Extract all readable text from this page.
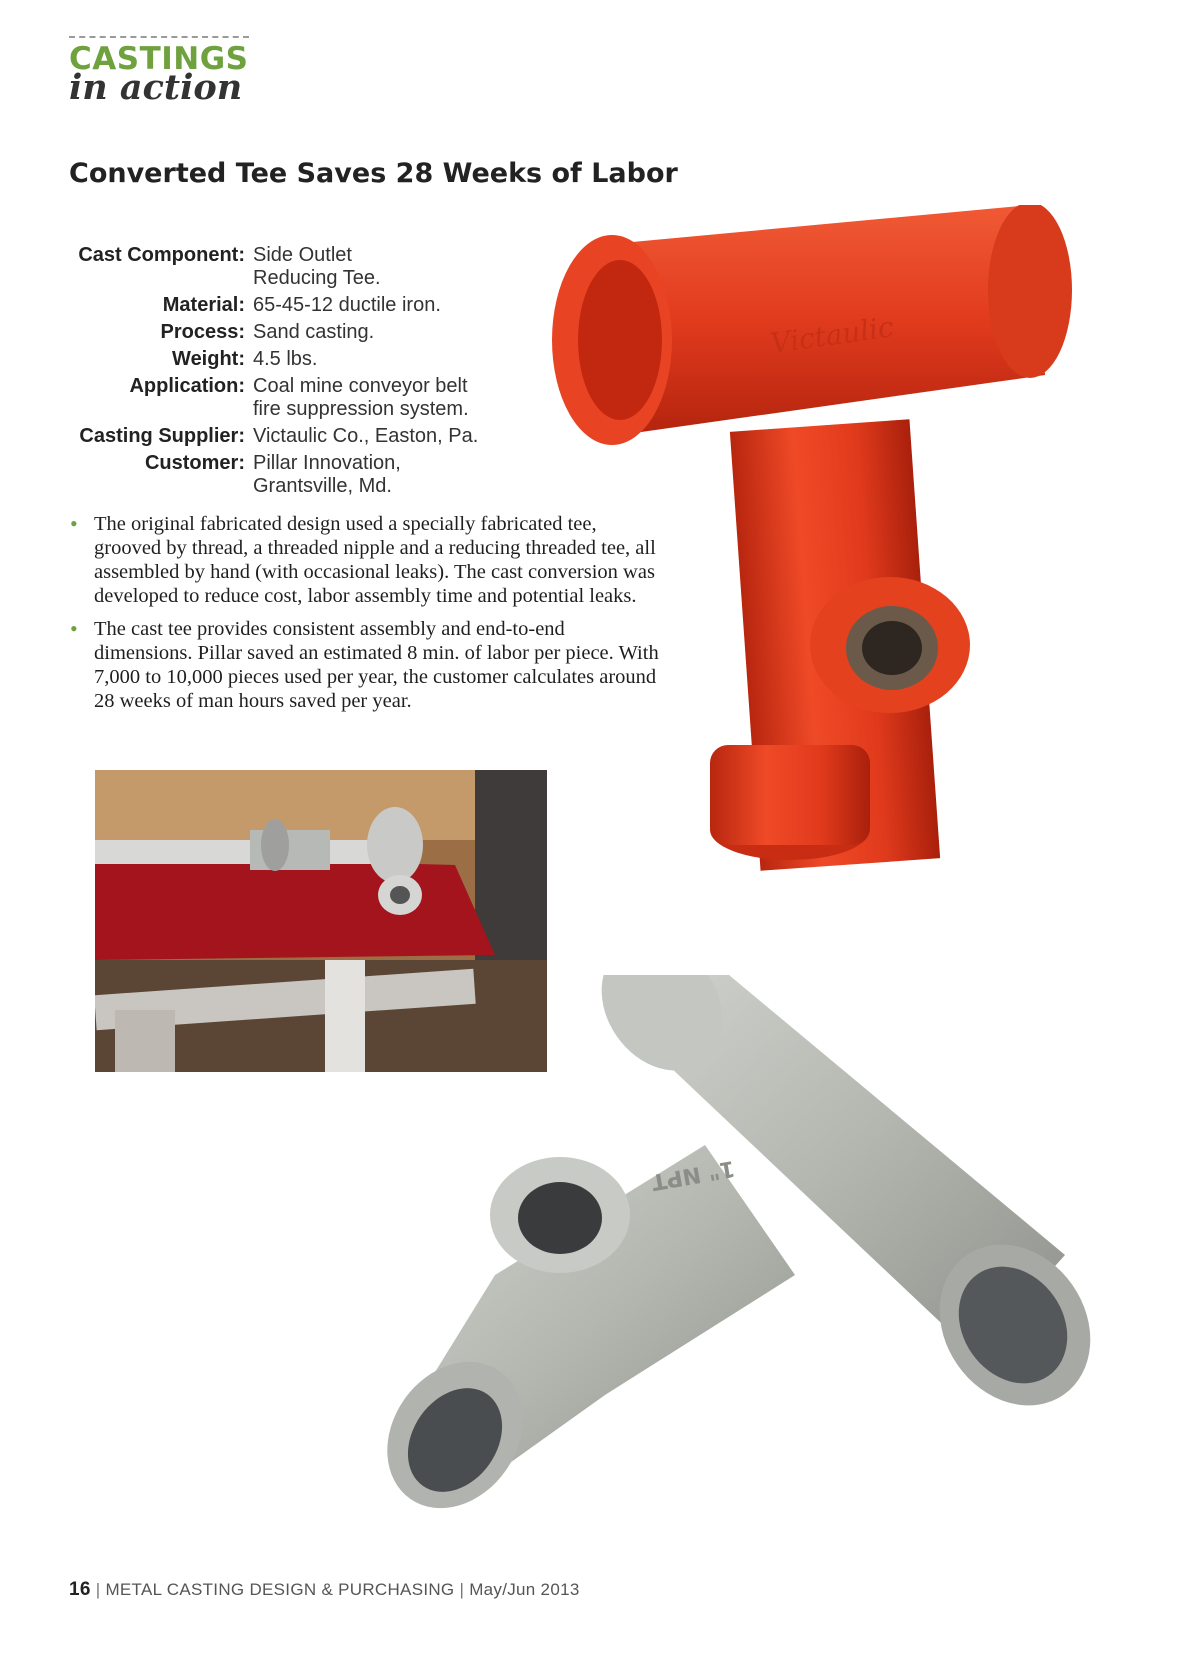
CASTINGS
in action
Converted Tee Saves 28 Weeks of Labor
Cast Component: Side Outlet
Reducing Tee.
Material: 65-45-12 ductile iron.
Process: Sand casting.
Weight: 4.5 lbs.
Application: Coal mine conveyor belt
fire suppression system.
Casting Supplier: Victaulic Co., Easton, Pa.
Customer: Pillar Innovation,
Grantsville, Md.
• The original fabricated design used a specially fabricated tee, grooved by thread, a threaded nipple and a reducing threaded tee, all assembled by hand (with occasional leaks). The cast conversion was developed to reduce cost, labor assembly time and potential leaks.
• The cast tee provides consistent assembly and end-to-end dimensions. Pillar saved an estimated 8 min. of labor per piece. With 7,000 to 10,000 pieces used per year, the customer calculates around 28 weeks of man hours saved per year.
Victaulic
1" NPT
16 | METAL CASTING DESIGN & PURCHASING | May/Jun 2013
